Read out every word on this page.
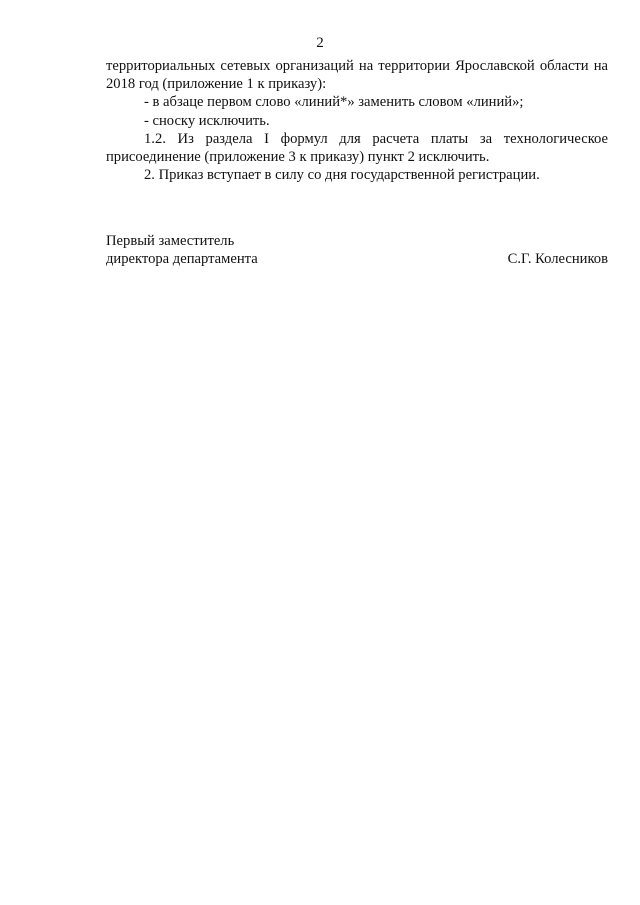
2

территориальных сетевых организаций на территории Ярославской области на 2018 год (приложение 1 к приказу):

- в абзаце первом слово «линий*» заменить словом «линий»;

- сноску исключить.

1.2. Из раздела I формул для расчета платы за технологическое присоединение (приложение 3 к приказу) пункт 2 исключить.

2. Приказ вступает в силу со дня государственной регистрации.

Первый заместитель
директора департамента	С.Г. Колесников
